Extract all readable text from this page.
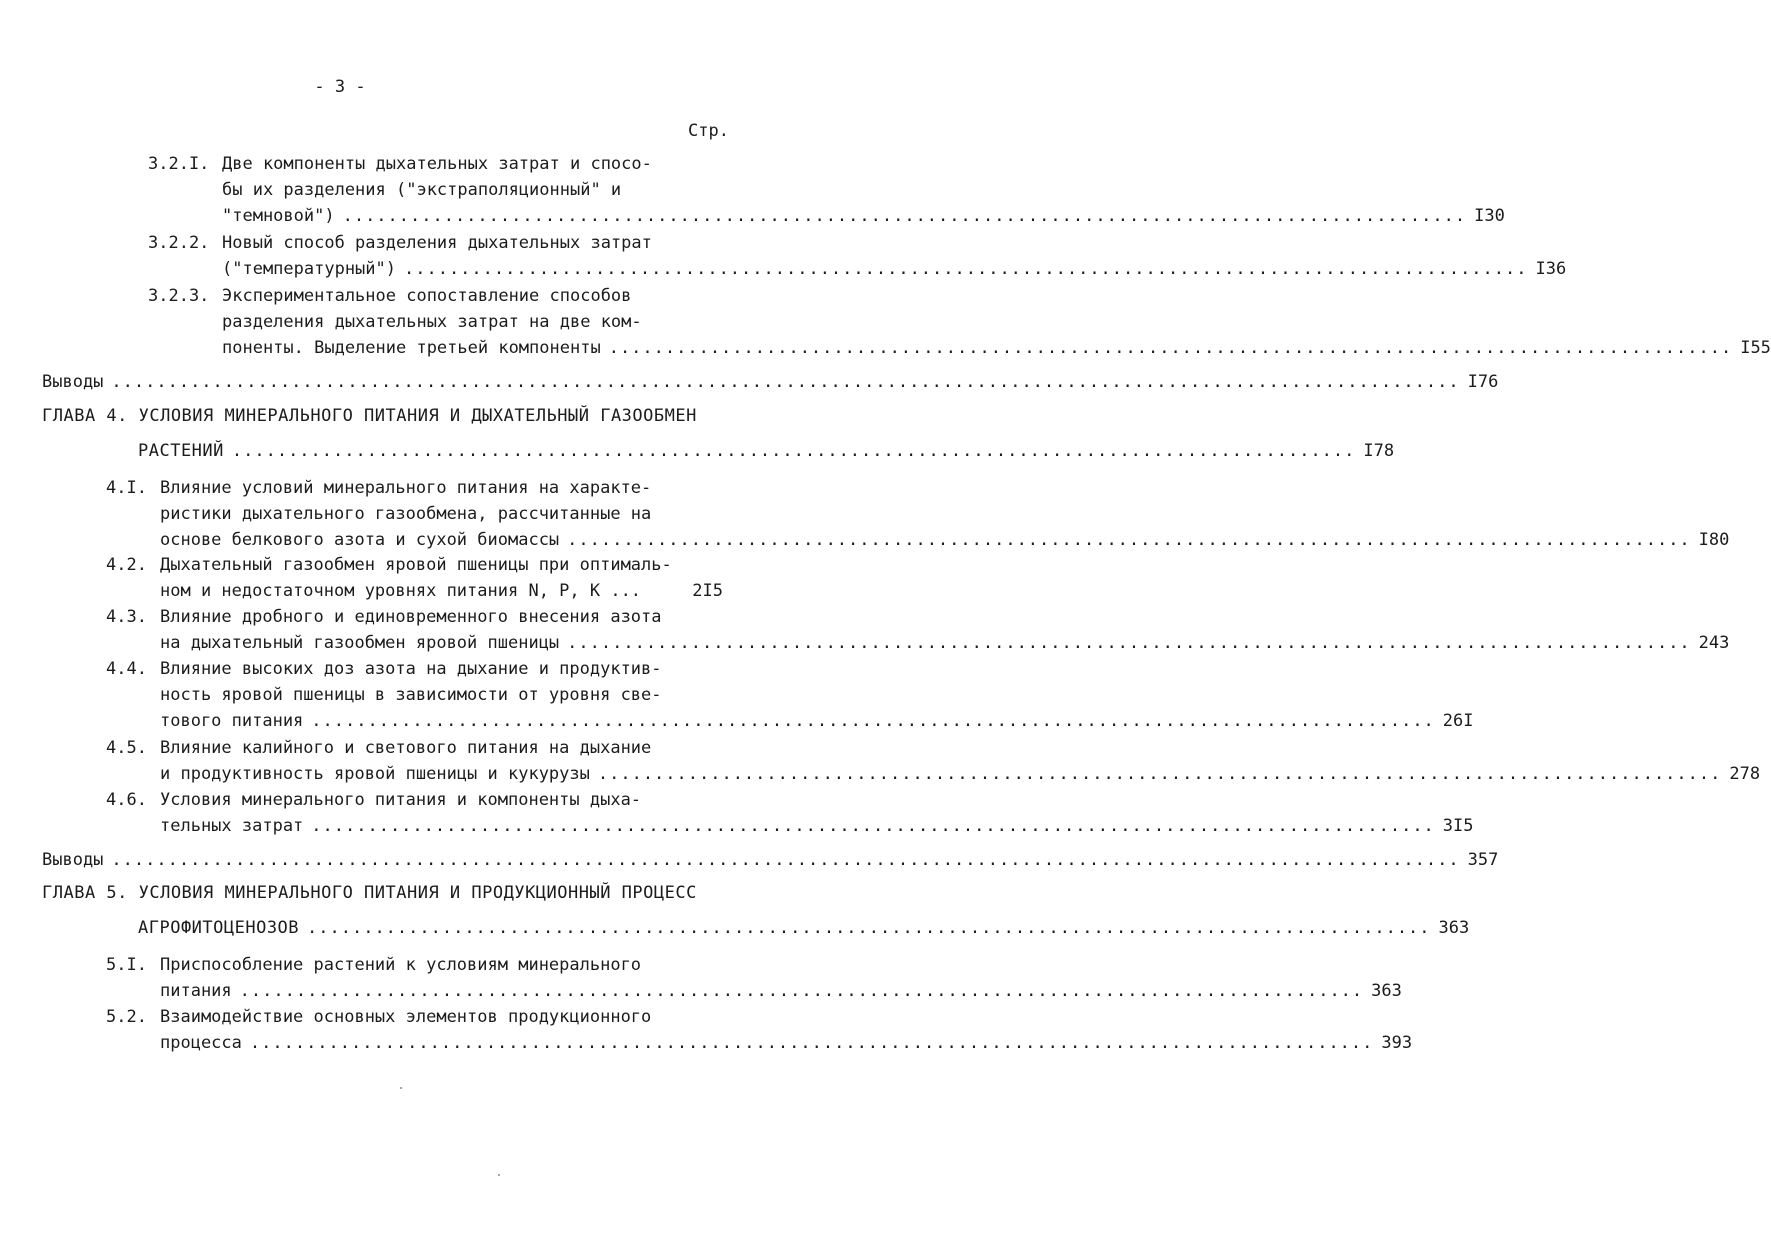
- 3 -
Стр.
3.2.I. Две компоненты дыхательных затрат и спосо-
бы их разделения ("экстраполяционный" и
"темновой") .................................................................................................... I30
3.2.2. Новый способ разделения дыхательных затрат
("температурный") .................................................................................................... I36
3.2.3. Экспериментальное сопоставление способов
разделения дыхательных затрат на две ком-
поненты. Выделение третьей компоненты .................................................................................................... I55
Выводы ........................................................................................................................ I76
ГЛАВА 4. УСЛОВИЯ МИНЕРАЛЬНОГО ПИТАНИЯ И ДЫХАТЕЛЬНЫЙ ГАЗООБМЕН
РАСТЕНИЙ .................................................................................................... I78
4.I. Влияние условий минерального питания на характе-
ристики дыхательного газообмена, рассчитанные на
основе белкового азота и сухой биомассы .................................................................................................... I80
4.2. Дыхательный газообмен яровой пшеницы при оптималь-
ном и недостаточном уровнях питания N, Р, К ...	2I5
4.3. Влияние дробного и единовременного внесения азота
на дыхательный газообмен яровой пшеницы .................................................................................................... 243
4.4. Влияние высоких доз азота на дыхание и продуктив-
ность яровой пшеницы в зависимости от уровня све-
тового питания .................................................................................................... 26I
4.5. Влияние калийного и светового питания на дыхание
и продуктивность яровой пшеницы и кукурузы .................................................................................................... 278
4.6. Условия минерального питания и компоненты дыха-
тельных затрат .................................................................................................... 3I5
Выводы ........................................................................................................................ 357
ГЛАВА 5. УСЛОВИЯ МИНЕРАЛЬНОГО ПИТАНИЯ И ПРОДУКЦИОННЫЙ ПРОЦЕСС
АГРОФИТОЦЕНОЗОВ .................................................................................................... 363
5.I. Приспособление растений к условиям минерального
питания .................................................................................................... 363
5.2. Взаимодействие основных элементов продукционного
процесса .................................................................................................... 393
